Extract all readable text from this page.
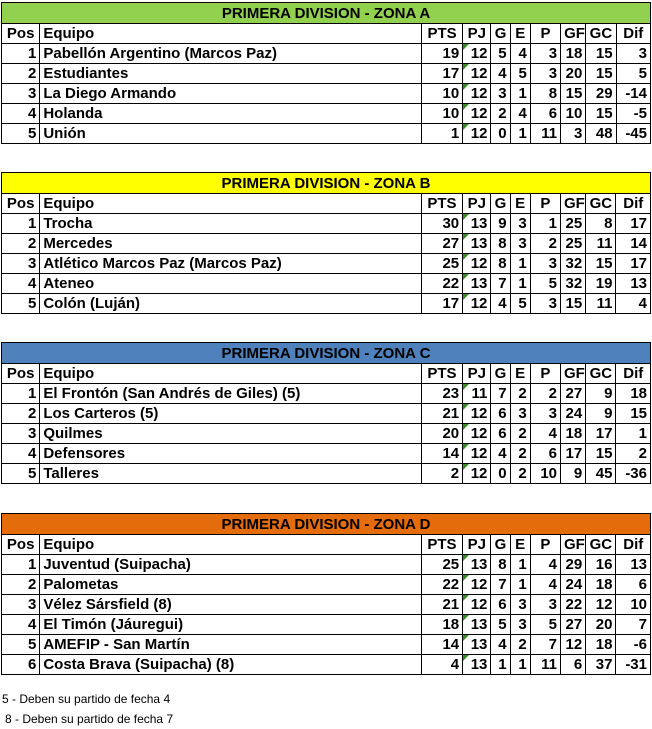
PRIMERA DIVISION - ZONA A									
Pos	Equipo	PTS	PJ	G	E	P	GF	GC	Dif
1	Pabellón Argentino (Marcos Paz)	19	12	5	4	3	18	15	3
2	Estudiantes	17	12	4	5	3	20	15	5
3	La Diego Armando	10	12	3	1	8	15	29	-14
4	Holanda	10	12	2	4	6	10	15	-5
5	Unión	1	12	0	1	11	3	48	-45
PRIMERA DIVISION - ZONA B									
Pos	Equipo	PTS	PJ	G	E	P	GF	GC	Dif
1	Trocha	30	13	9	3	1	25	8	17
2	Mercedes	27	13	8	3	2	25	11	14
3	Atlético Marcos Paz (Marcos Paz)	25	12	8	1	3	32	15	17
4	Ateneo	22	13	7	1	5	32	19	13
5	Colón (Luján)	17	12	4	5	3	15	11	4
PRIMERA DIVISION - ZONA C									
Pos	Equipo	PTS	PJ	G	E	P	GF	GC	Dif
1	El Frontón (San Andrés de Giles) (5)	23	11	7	2	2	27	9	18
2	Los Carteros (5)	21	12	6	3	3	24	9	15
3	Quilmes	20	12	6	2	4	18	17	1
4	Defensores	14	12	4	2	6	17	15	2
5	Talleres	2	12	0	2	10	9	45	-36
PRIMERA DIVISION - ZONA D									
Pos	Equipo	PTS	PJ	G	E	P	GF	GC	Dif
1	Juventud (Suipacha)	25	13	8	1	4	29	16	13
2	Palometas	22	12	7	1	4	24	18	6
3	Vélez Sársfield (8)	21	12	6	3	3	22	12	10
4	El Timón (Jáuregui)	18	13	5	3	5	27	20	7
5	AMEFIP - San Martín	14	13	4	2	7	12	18	-6
6	Costa Brava (Suipacha) (8)	4	13	1	1	11	6	37	-31
5 - Deben su partido de fecha 4
8 - Deben su partido de fecha 7
